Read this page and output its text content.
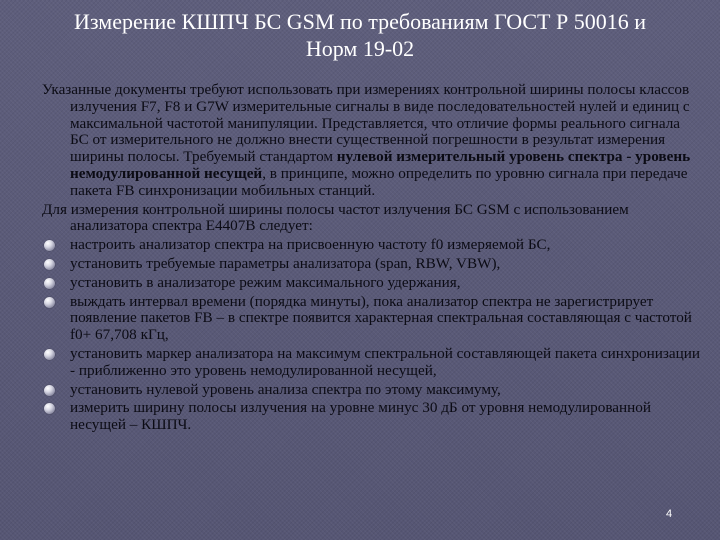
Измерение КШПЧ БС GSM по требованиям ГОСТ Р 50016 и
Норм 19-02

Указанные документы требуют использовать при измерениях контрольной ширины полосы классов излучения F7, F8 и G7W измерительные сигналы в виде последовательностей нулей и единиц с максимальной частотой манипуляции. Представляется, что отличие формы реального сигнала БС от измерительного не должно внести существенной погрешности в результат измерения ширины полосы. Требуемый стандартом нулевой измерительный уровень спектра - уровень немодулированной несущей, в принципе, можно определить по уровню сигнала при передаче пакета FB синхронизации мобильных станций.

Для измерения контрольной ширины полосы частот излучения БС GSM с использованием анализатора спектра E4407B следует:

настроить анализатор спектра на присвоенную частоту f0 измеряемой БС,
установить требуемые параметры анализатора (span, RBW, VBW),
установить в анализаторе режим максимального удержания,
выждать интервал времени (порядка минуты), пока анализатор спектра не зарегистрирует появление пакетов FB – в спектре появится характерная спектральная составляющая с частотой f0+ 67,708 кГц,
установить маркер анализатора на максимум спектральной составляющей пакета синхронизации - приближенно это уровень немодулированной несущей,
установить нулевой уровень анализа спектра по этому максимуму,
измерить ширину полосы излучения на уровне минус 30 дБ от уровня немодулированной несущей – КШПЧ.
4
